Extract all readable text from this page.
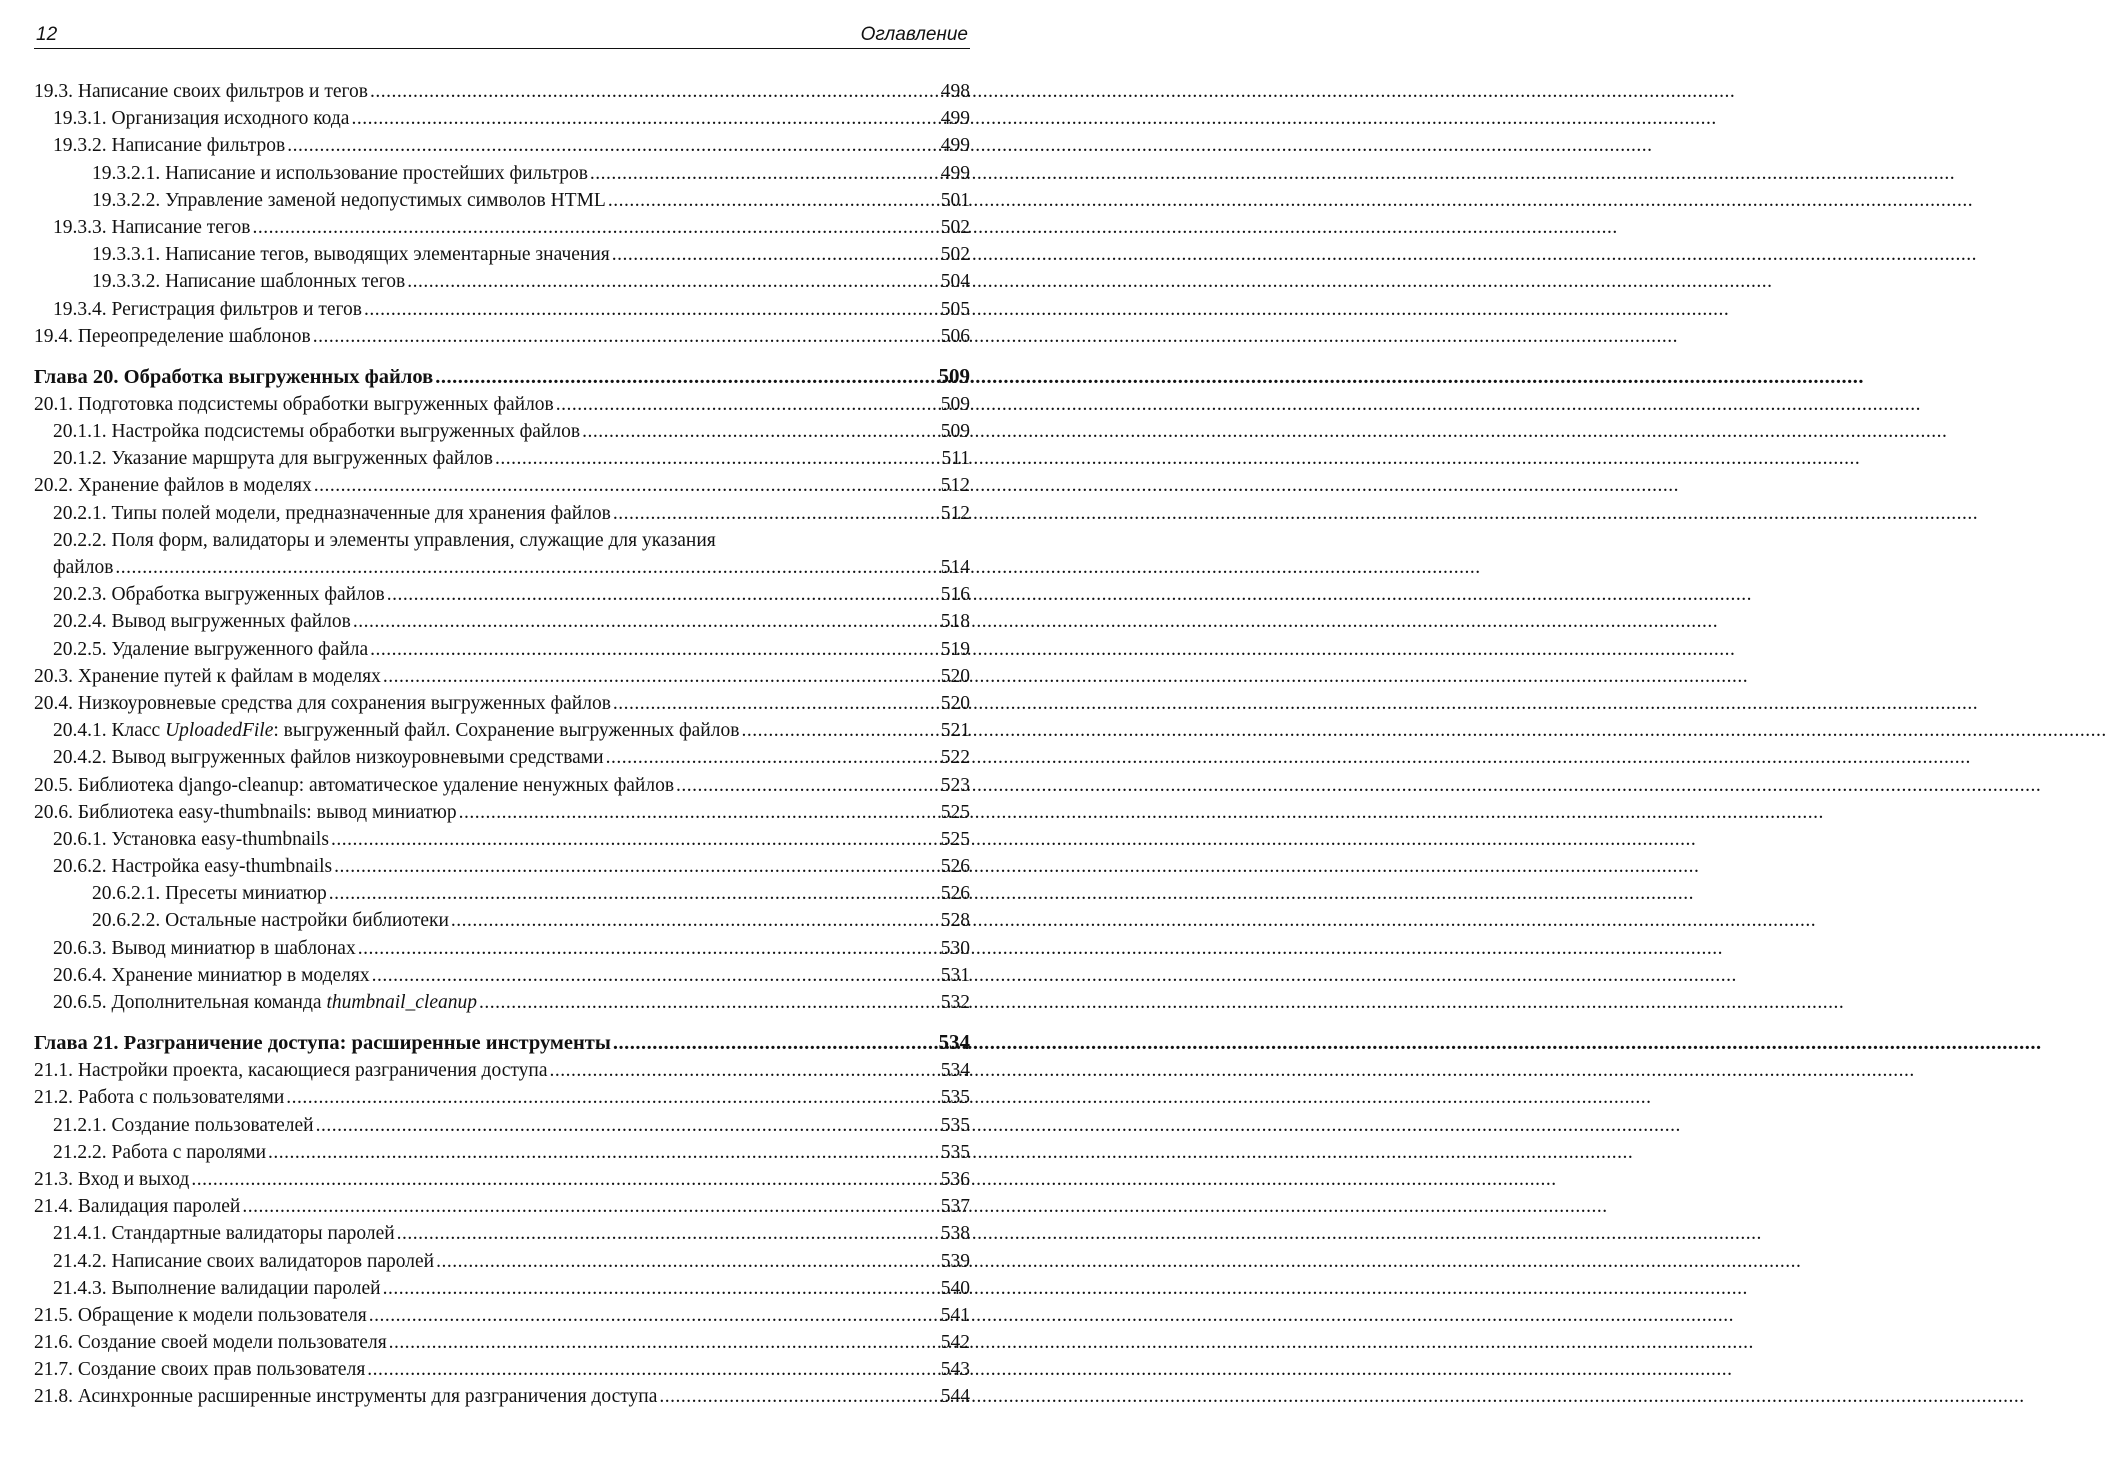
12	Оглавление
19.3. Написание своих фильтров и тегов .....	498
19.3.1. Организация исходного кода .....	499
19.3.2. Написание фильтров .....	499
19.3.2.1. Написание и использование простейших фильтров .....	499
19.3.2.2. Управление заменой недопустимых символов HTML .....	501
19.3.3. Написание тегов .....	502
19.3.3.1. Написание тегов, выводящих элементарные значения .....	502
19.3.3.2. Написание шаблонных тегов .....	504
19.3.4. Регистрация фильтров и тегов .....	505
19.4. Переопределение шаблонов .....	506
Глава 20. Обработка выгруженных файлов .....	509
20.1. Подготовка подсистемы обработки выгруженных файлов .....	509
20.1.1. Настройка подсистемы обработки выгруженных файлов .....	509
20.1.2. Указание маршрута для выгруженных файлов .....	511
20.2. Хранение файлов в моделях .....	512
20.2.1. Типы полей модели, предназначенные для хранения файлов .....	512
20.2.2. Поля форм, валидаторы и элементы управления, служащие для указания
файлов .....	514
20.2.3. Обработка выгруженных файлов .....	516
20.2.4. Вывод выгруженных файлов .....	518
20.2.5. Удаление выгруженного файла .....	519
20.3. Хранение путей к файлам в моделях .....	520
20.4. Низкоуровневые средства для сохранения выгруженных файлов .....	520
20.4.1. Класс UploadedFile: выгруженный файл. Сохранение выгруженных файлов .....	521
20.4.2. Вывод выгруженных файлов низкоуровневыми средствами .....	522
20.5. Библиотека django-cleanup: автоматическое удаление ненужных файлов .....	523
20.6. Библиотека easy-thumbnails: вывод миниатюр .....	525
20.6.1. Установка easy-thumbnails .....	525
20.6.2. Настройка easy-thumbnails .....	526
20.6.2.1. Пресеты миниатюр .....	526
20.6.2.2. Остальные настройки библиотеки .....	528
20.6.3. Вывод миниатюр в шаблонах .....	530
20.6.4. Хранение миниатюр в моделях .....	531
20.6.5. Дополнительная команда thumbnail_cleanup .....	532
Глава 21. Разграничение доступа: расширенные инструменты .....	534
21.1. Настройки проекта, касающиеся разграничения доступа .....	534
21.2. Работа с пользователями .....	535
21.2.1. Создание пользователей .....	535
21.2.2. Работа с паролями .....	535
21.3. Вход и выход .....	536
21.4. Валидация паролей .....	537
21.4.1. Стандартные валидаторы паролей .....	538
21.4.2. Написание своих валидаторов паролей .....	539
21.4.3. Выполнение валидации паролей .....	540
21.5. Обращение к модели пользователя .....	541
21.6. Создание своей модели пользователя .....	542
21.7. Создание своих прав пользователя .....	543
21.8. Асинхронные расширенные инструменты для разграничения доступа .....	544
